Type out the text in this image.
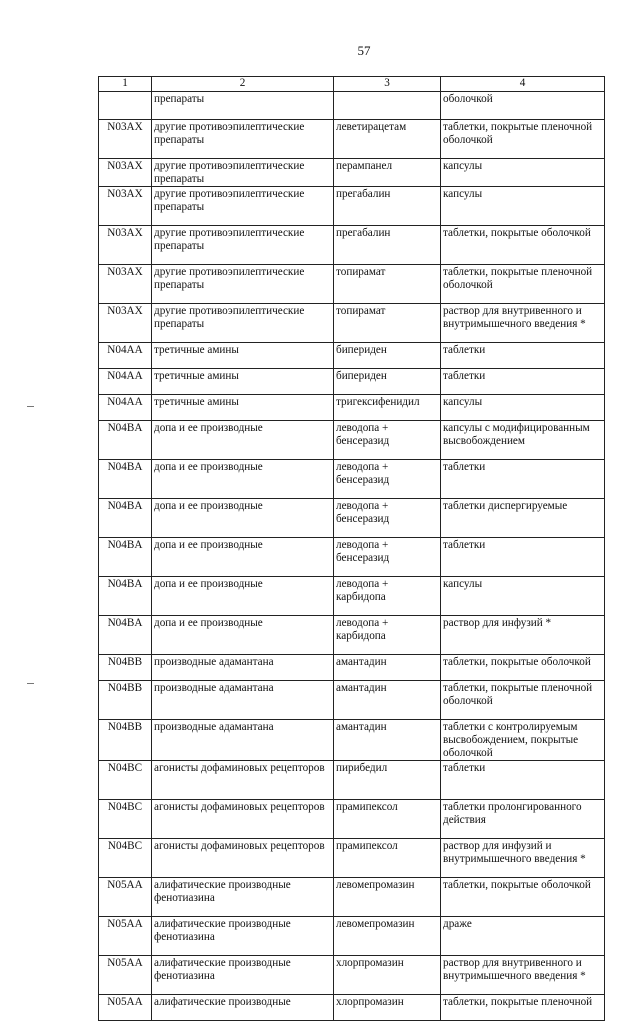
57
1	2	3	4
	препараты		оболочкой
N03AX	другие противоэпилептические препараты	леветирацетам	таблетки, покрытые пленочной оболочкой
N03AX	другие противоэпилептические препараты	перампанел	капсулы
N03AX	другие противоэпилептические препараты	прегабалин	капсулы
N03AX	другие противоэпилептические препараты	прегабалин	таблетки, покрытые оболочкой
N03AX	другие противоэпилептические препараты	топирамат	таблетки, покрытые пленочной оболочкой
N03AX	другие противоэпилептические препараты	топирамат	раствор для внутривенного и внутримышечного введения *
N04AA	третичные амины	бипериден	таблетки
N04AA	третичные амины	бипериден	таблетки
N04AA	третичные амины	тригексифенидил	капсулы
N04BA	допа и ее производные	леводопа + бенсеразид	капсулы с модифицированным высвобождением
N04BA	допа и ее производные	леводопа + бенсеразид	таблетки
N04BA	допа и ее производные	леводопа + бенсеразид	таблетки диспергируемые
N04BA	допа и ее производные	леводопа + бенсеразид	таблетки
N04BA	допа и ее производные	леводопа + карбидопа	капсулы
N04BA	допа и ее производные	леводопа + карбидопа	раствор для инфузий *
N04BB	производные адамантана	амантадин	таблетки, покрытые оболочкой
N04BB	производные адамантана	амантадин	таблетки, покрытые пленочной оболочкой
N04BB	производные адамантана	амантадин	таблетки с контролируемым высвобождением, покрытые оболочкой
N04BC	агонисты дофаминовых рецепторов	пирибедил	таблетки
N04BC	агонисты дофаминовых рецепторов	прамипексол	таблетки пролонгированного действия
N04BC	агонисты дофаминовых рецепторов	прамипексол	раствор для инфузий и внутримышечного введения *
N05AA	алифатические производные фенотиазина	левомепромазин	таблетки, покрытые оболочкой
N05AA	алифатические производные фенотиазина	левомепромазин	драже
N05AA	алифатические производные фенотиазина	хлорпромазин	раствор для внутривенного и внутримышечного введения *
N05AA	алифатические производные	хлорпромазин	таблетки, покрытые пленочной
